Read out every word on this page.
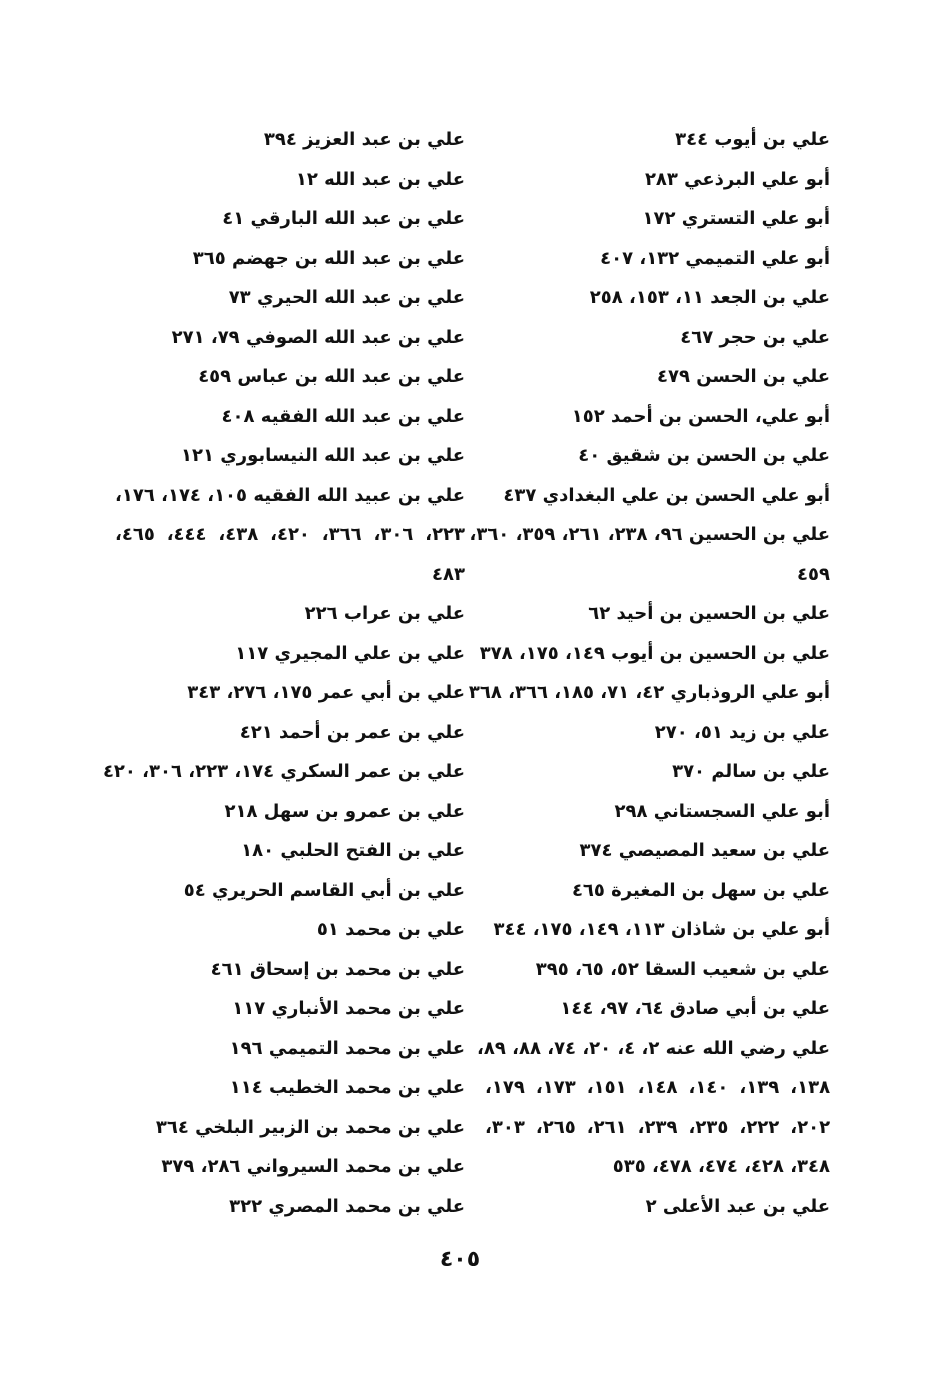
علي بن أيوب ٣٤٤
أبو علي البرذعي ٢٨٣
أبو علي التستري ١٧٢
أبو علي التميمي ١٣٢، ٤٠٧
علي بن الجعد ١١، ١٥٣، ٢٥٨
علي بن حجر ٤٦٧
علي بن الحسن ٤٧٩
أبو علي، الحسن بن أحمد ١٥٢
علي بن الحسن بن شقيق ٤٠
أبو علي الحسن بن علي البغدادي ٤٣٧
علي بن الحسين ٩٦، ٢٣٨، ٢٦١، ٣٥٩، ٣٦٠،
٤٥٩
علي بن الحسين بن أحيد ٦٢
علي بن الحسين بن أيوب ١٤٩، ١٧٥، ٣٧٨
أبو علي الروذباري ٤٢، ٧١، ١٨٥، ٣٦٦، ٣٦٨
علي بن زيد ٥١، ٢٧٠
علي بن سالم ٣٧٠
أبو علي السجستاني ٢٩٨
علي بن سعيد المصيصي ٣٧٤
علي بن سهل بن المغيرة ٤٦٥
أبو علي بن شاذان ١١٣، ١٤٩، ١٧٥، ٣٤٤
علي بن شعيب السقا ٥٢، ٦٥، ٣٩٥
علي بن أبي صادق ٦٤، ٩٧، ١٤٤
علي رضي الله عنه ٢، ٤، ٢٠، ٧٤، ٨٨، ٨٩،
١٣٨، ١٣٩، ١٤٠، ١٤٨، ١٥١، ١٧٣، ١٧٩،
٢٠٢، ٢٢٢، ٢٣٥، ٢٣٩، ٢٦١، ٢٦٥، ٣٠٣،
٣٤٨، ٤٢٨، ٤٧٤، ٤٧٨، ٥٣٥
علي بن عبد الأعلى ٢
علي بن عبد العزيز ٣٩٤
علي بن عبد الله ١٢
علي بن عبد الله البارقي ٤١
علي بن عبد الله بن جهضم ٣٦٥
علي بن عبد الله الحيري ٧٣
علي بن عبد الله الصوفي ٧٩، ٢٧١
علي بن عبد الله بن عباس ٤٥٩
علي بن عبد الله الفقيه ٤٠٨
علي بن عبد الله النيسابوري ١٢١
علي بن عبيد الله الفقيه ١٠٥، ١٧٤، ١٧٦،
٢٢٣، ٣٠٦، ٣٦٦، ٤٢٠، ٤٣٨، ٤٤٤، ٤٦٥،
٤٨٣
علي بن عراب ٢٢٦
علي بن علي المجيري ١١٧
علي بن أبي عمر ١٧٥، ٢٧٦، ٣٤٣
علي بن عمر بن أحمد ٤٢١
علي بن عمر السكري ١٧٤، ٢٢٣، ٣٠٦، ٤٢٠
علي بن عمرو بن سهل ٢١٨
علي بن الفتح الحلبي ١٨٠
علي بن أبي القاسم الحريري ٥٤
علي بن محمد ٥١
علي بن محمد بن إسحاق ٤٦١
علي بن محمد الأنباري ١١٧
علي بن محمد التميمي ١٩٦
علي بن محمد الخطيب ١١٤
علي بن محمد بن الزبير البلخي ٣٦٤
علي بن محمد السيرواني ٢٨٦، ٣٧٩
علي بن محمد المصري ٣٢٢
٤٠٥
